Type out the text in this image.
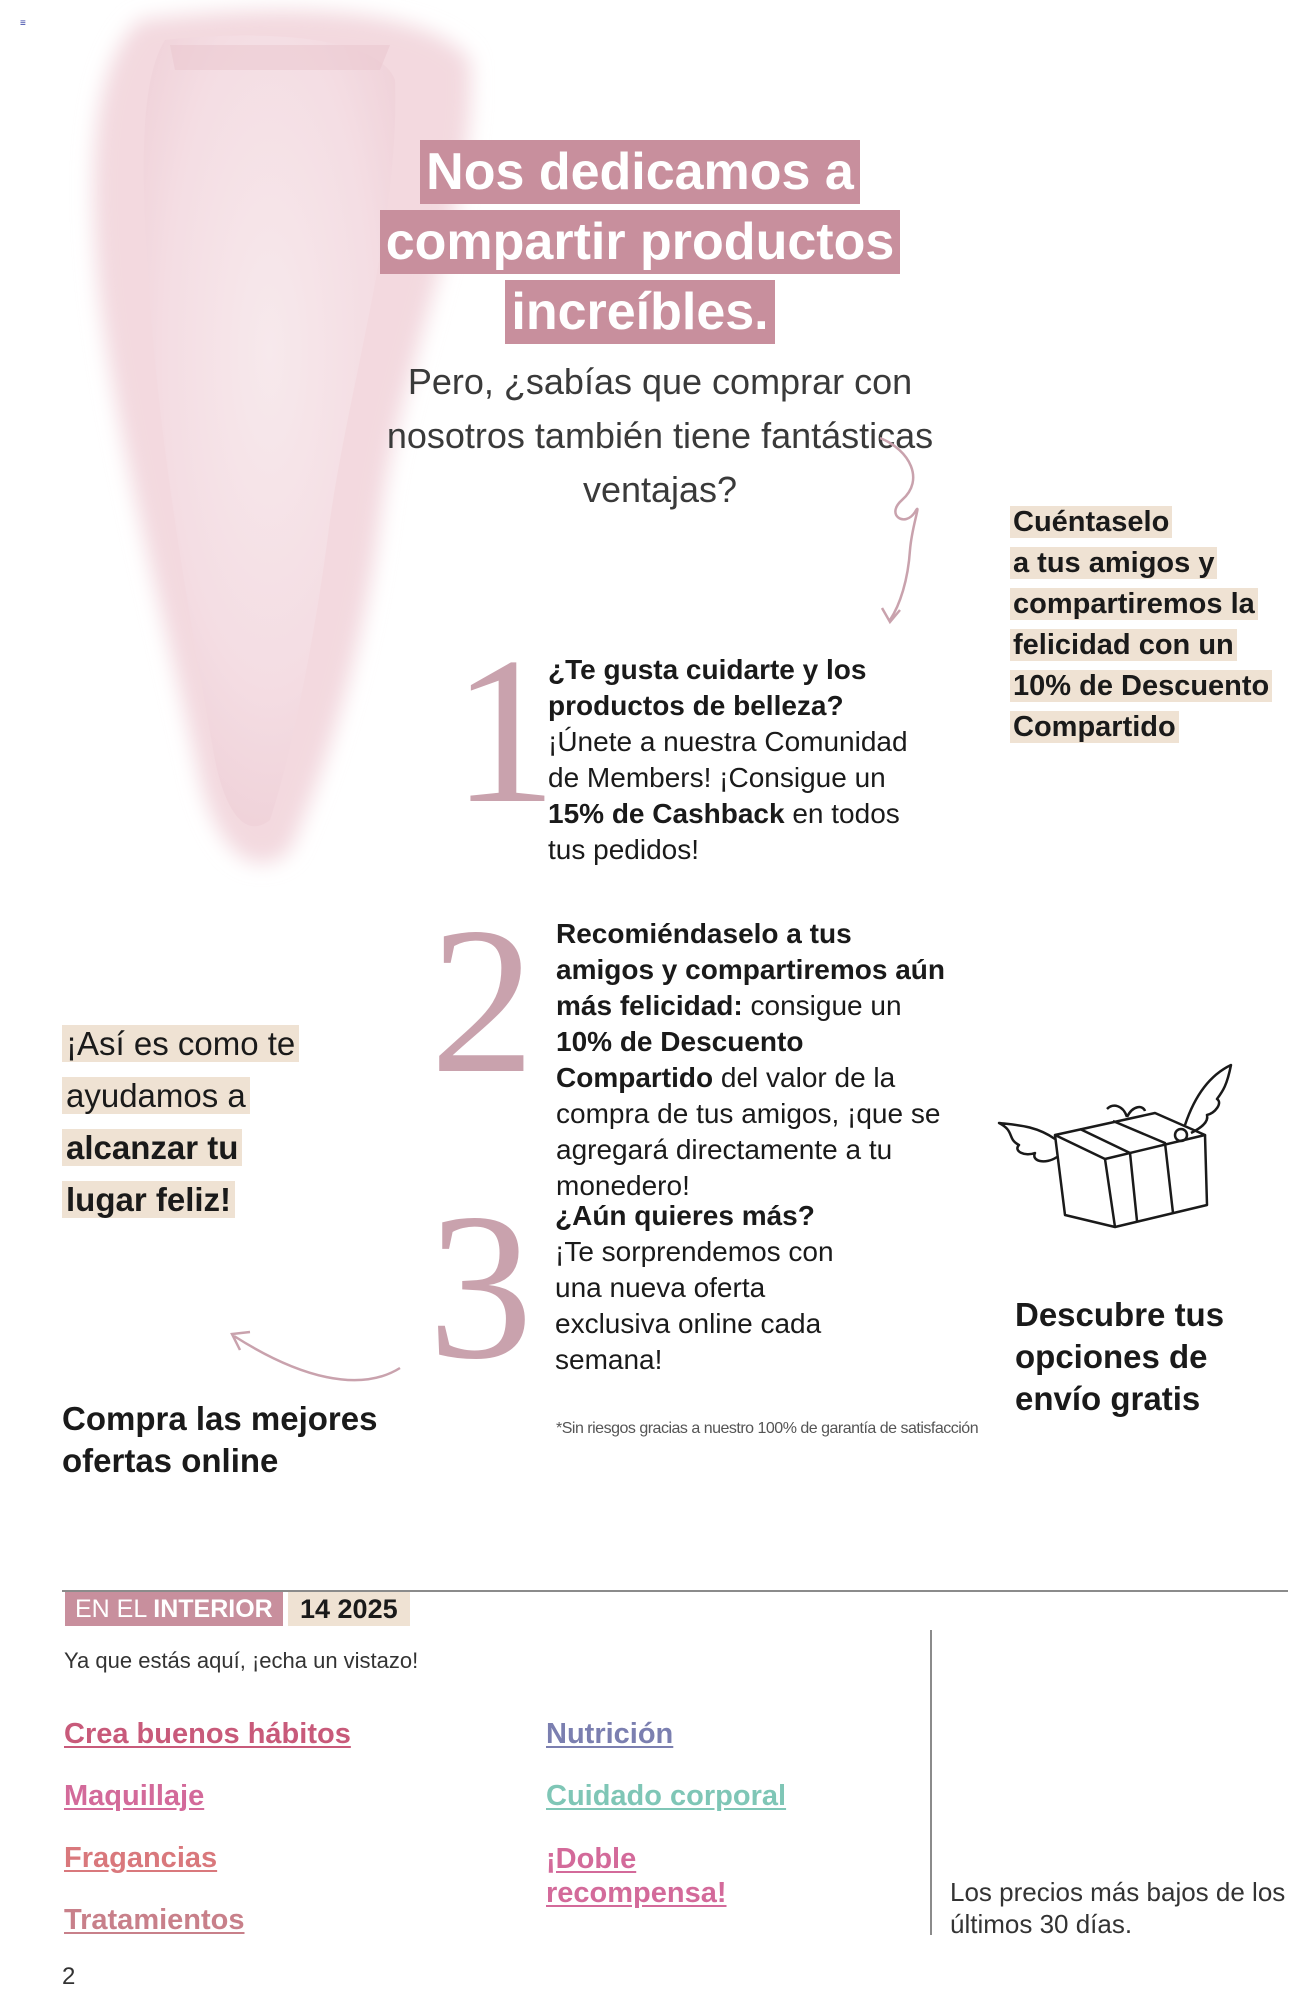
≡
Nos dedicamos a
compartir productos
increíbles.
Pero, ¿sabías que comprar con nosotros también tiene fantásticas ventajas?
Cuéntaselo
a tus amigos y
compartiremos la
felicidad con un
10% de Descuento
Compartido
1
¿Te gusta cuidarte y los productos de belleza?
¡Únete a nuestra Comunidad de Members! ¡Consigue un 15% de Cashback en todos tus pedidos!
2 Recomiéndaselo a tus amigos y compartiremos aún más felicidad: consigue un 10% de Descuento Compartido del valor de la compra de tus amigos, ¡que se agregará directamente a tu monedero!
3 ¿Aún quieres más?
¡Te sorprendemos con una nueva oferta exclusiva online cada semana!
¡Así es como te
ayudamos a
alcanzar tu
lugar feliz!
Compra las mejores ofertas online
Descubre tus opciones de envío gratis
*Sin riesgos gracias a nuestro 100% de garantía de satisfacción
EN EL INTERIOR	14 2025
Ya que estás aquí, ¡echa un vistazo!
Crea buenos hábitos
Maquillaje
Fragancias
Tratamientos
Nutrición
Cuidado corporal
¡Doble recompensa!	Los precios más bajos de los últimos 30 días.
2
